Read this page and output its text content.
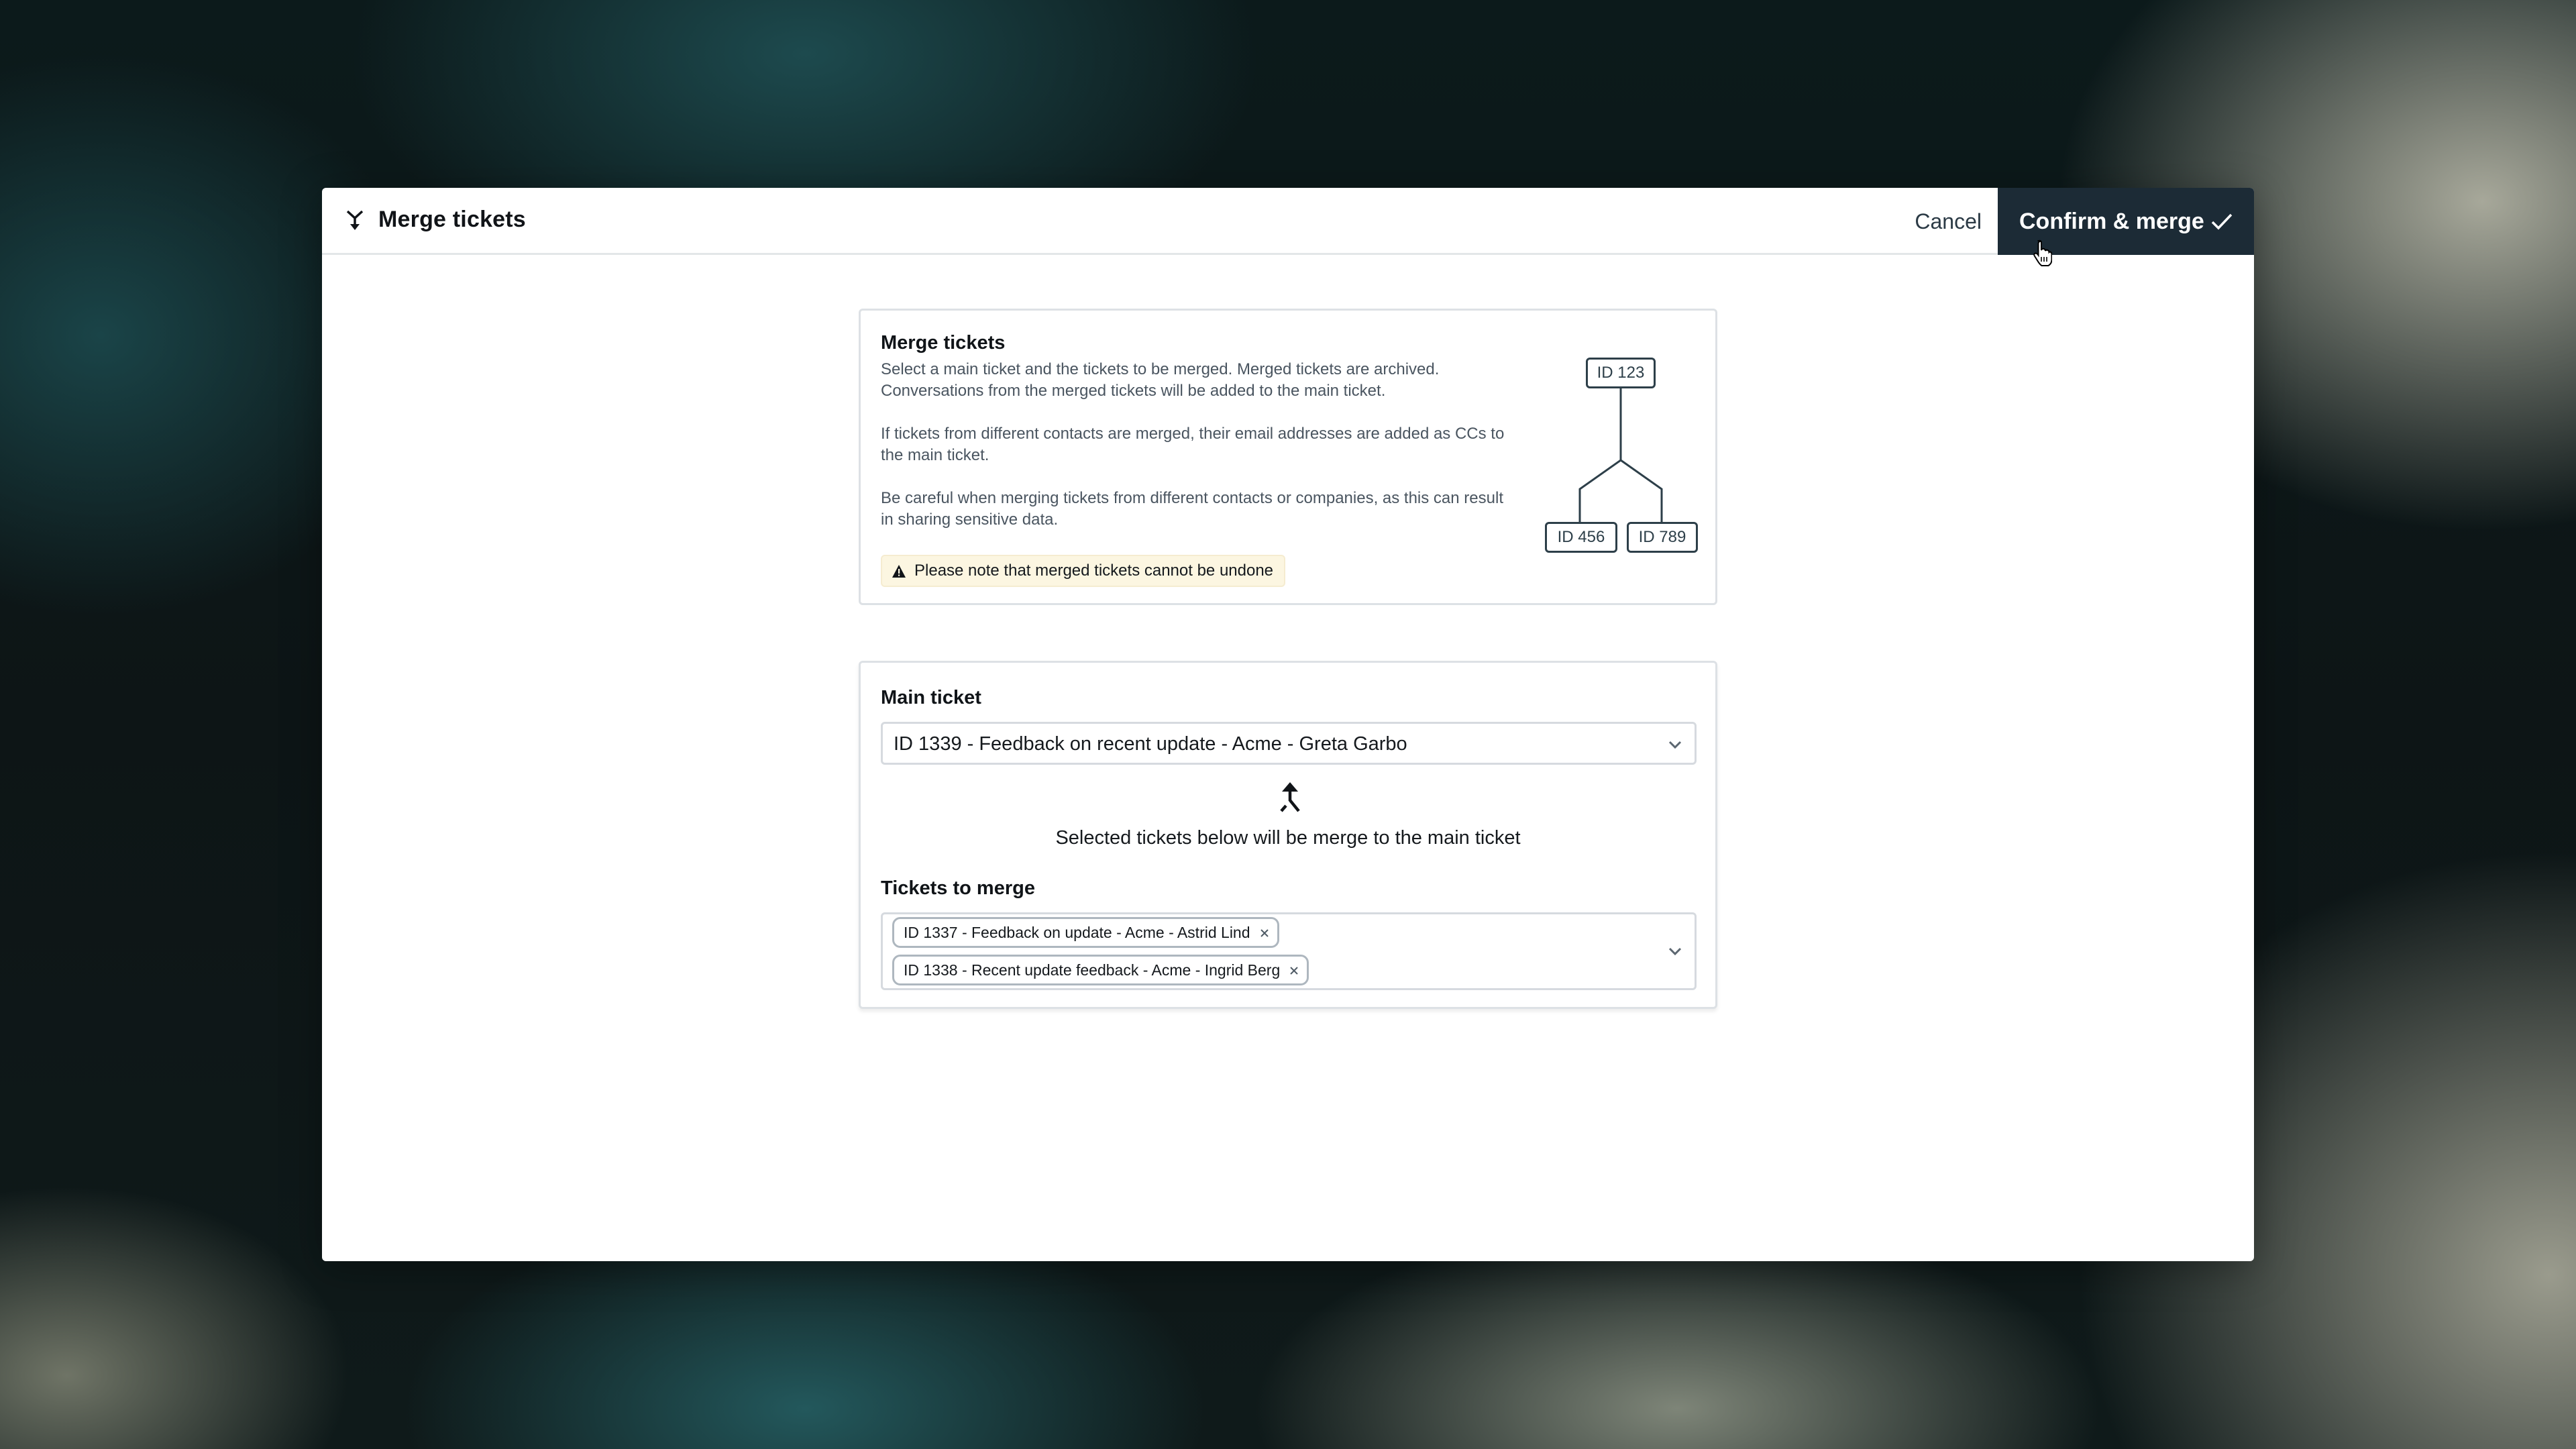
Merge tickets	Cancel Confirm & merge
Merge tickets
Select a main ticket and the tickets to be merged. Merged tickets are archived. Conversations from the merged tickets will be added to the main ticket.
If tickets from different contacts are merged, their email addresses are added as CCs to the main ticket.
Be careful when merging tickets from different contacts or companies, as this can result in sharing sensitive data.
Please note that merged tickets cannot be undone
ID 123
ID 456	ID 789
Main ticket
ID 1339 - Feedback on recent update - Acme - Greta Garbo
Selected tickets below will be merge to the main ticket
Tickets to merge
ID 1337 - Feedback on update - Acme - Astrid Lind
ID 1338 - Recent update feedback - Acme - Ingrid Berg
